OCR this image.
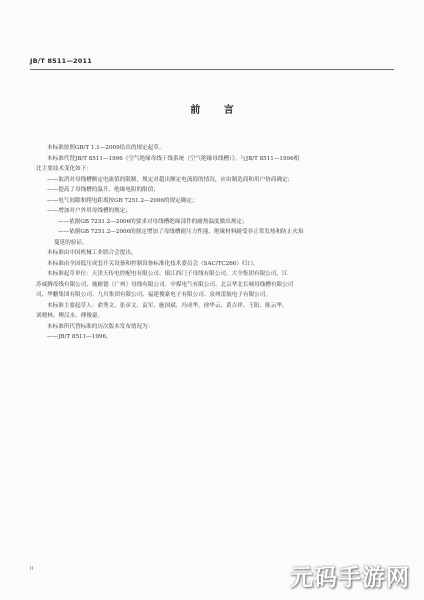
JB/T 8511—2011
前 言

本标准按照GB/T 1.1—2009给出的规定起草。

本标准代替JB/T 8511—1996《空气绝缘母线干线系统（空气绝缘母线槽）》。与JB/T 8511—1996相

比主要技术变化如下：

——取消对母线槽额定电流值的限制，规定对超出额定电流值的情况，应由制造商和用户协商确定；

——提高了母线槽的温升、绝缘电阻的限值；

——电气间隙和爬电距离按GB 7251.2—2006的规定确定；

——增加对户外用母线槽的规定；

——依据GB 7251.2—2006的要求对母线槽绝缘部件的耐热温度做出规定；

——依据GB 7251.2—2006的规定增加了母线槽耐压力性能、绝缘材料耐受非正常发热和防止火焰

蔓延的验证。

本标准由中国机械工业联合会提出。

本标准由全国低压成套开关设备和控制设备标准化技术委员会（SAC/TC266）归口。

本标准起草单位：天津天传电控配电有限公司、镇江西门子母线有限公司、大全集团有限公司、江

苏威腾母线有限公司、施耐德（广州）母线有限公司、中煤电气有限公司、北京华北长城母线槽有限公司

司、华鹏集团有限公司、九川集团有限公司、福建俊豪电子有限公司、泉州雷航电子有限公司。

本标准主要起草人：俞秀文、张彦文、袁军、施国斌、冯成华、徐华云、黄吉祥、王阳、陈云华、

刘晓林、傅汉水、傅俊豪。

本标准所代替标准的历次版本发布情况为：

——JB/T 8511—1996。

II	元码手游网
